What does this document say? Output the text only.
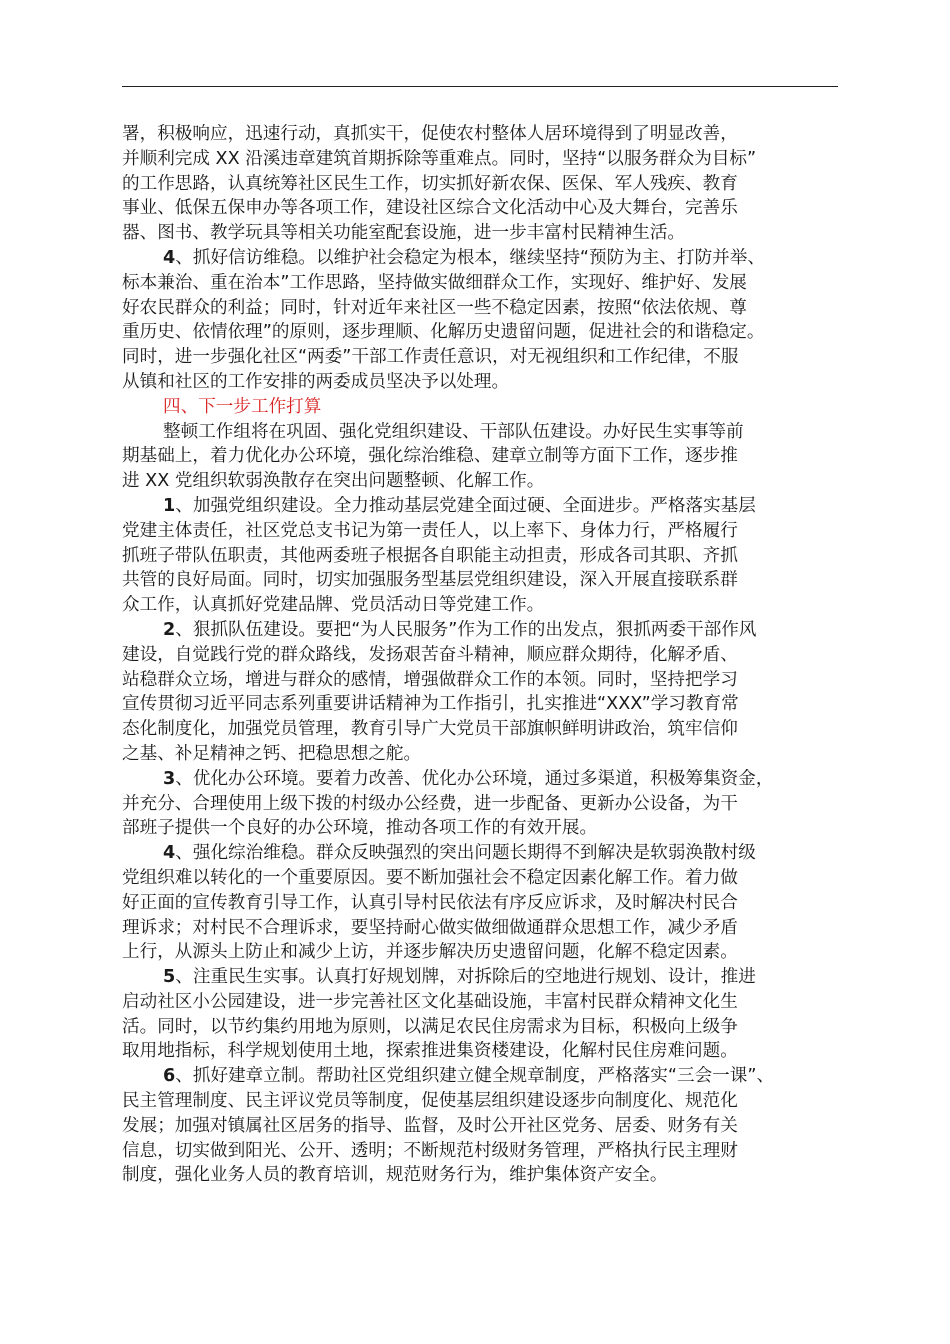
署，积极响应，迅速行动，真抓实干，促使农村整体人居环境得到了明显改善，
并顺利完成 XX 沿溪违章建筑首期拆除等重难点。同时，坚持“以服务群众为目标”
的工作思路，认真统筹社区民生工作，切实抓好新农保、医保、军人残疾、教育
事业、低保五保申办等各项工作，建设社区综合文化活动中心及大舞台，完善乐
器、图书、教学玩具等相关功能室配套设施，进一步丰富村民精神生活。
4、抓好信访维稳。以维护社会稳定为根本，继续坚持“预防为主、打防并举、
标本兼治、重在治本”工作思路，坚持做实做细群众工作，实现好、维护好、发展
好农民群众的利益；同时，针对近年来社区一些不稳定因素，按照“依法依规、尊
重历史、依情依理”的原则，逐步理顺、化解历史遗留问题，促进社会的和谐稳定。
同时，进一步强化社区“两委”干部工作责任意识，对无视组织和工作纪律，不服
从镇和社区的工作安排的两委成员坚决予以处理。
四、下一步工作打算
整顿工作组将在巩固、强化党组织建设、干部队伍建设。办好民生实事等前
期基础上，着力优化办公环境，强化综治维稳、建章立制等方面下工作，逐步推
进 XX 党组织软弱涣散存在突出问题整顿、化解工作。
1、加强党组织建设。全力推动基层党建全面过硬、全面进步。严格落实基层
党建主体责任，社区党总支书记为第一责任人，以上率下、身体力行，严格履行
抓班子带队伍职责，其他两委班子根据各自职能主动担责，形成各司其职、齐抓
共管的良好局面。同时，切实加强服务型基层党组织建设，深入开展直接联系群
众工作，认真抓好党建品牌、党员活动日等党建工作。
2、狠抓队伍建设。要把“为人民服务”作为工作的出发点，狠抓两委干部作风
建设，自觉践行党的群众路线，发扬艰苦奋斗精神，顺应群众期待，化解矛盾、
站稳群众立场，增进与群众的感情，增强做群众工作的本领。同时，坚持把学习
宣传贯彻习近平同志系列重要讲话精神为工作指引，扎实推进“XXX”学习教育常
态化制度化，加强党员管理，教育引导广大党员干部旗帜鲜明讲政治，筑牢信仰
之基、补足精神之钙、把稳思想之舵。
3、优化办公环境。要着力改善、优化办公环境，通过多渠道，积极筹集资金，
并充分、合理使用上级下拨的村级办公经费，进一步配备、更新办公设备，为干
部班子提供一个良好的办公环境，推动各项工作的有效开展。
4、强化综治维稳。群众反映强烈的突出问题长期得不到解决是软弱涣散村级
党组织难以转化的一个重要原因。要不断加强社会不稳定因素化解工作。着力做
好正面的宣传教育引导工作，认真引导村民依法有序反应诉求，及时解决村民合
理诉求；对村民不合理诉求，要坚持耐心做实做细做通群众思想工作，减少矛盾
上行，从源头上防止和减少上访，并逐步解决历史遗留问题，化解不稳定因素。
5、注重民生实事。认真打好规划牌，对拆除后的空地进行规划、设计，推进
启动社区小公园建设，进一步完善社区文化基础设施，丰富村民群众精神文化生
活。同时，以节约集约用地为原则，以满足农民住房需求为目标，积极向上级争
取用地指标，科学规划使用土地，探索推进集资楼建设，化解村民住房难问题。
6、抓好建章立制。帮助社区党组织建立健全规章制度，严格落实“三会一课”、
民主管理制度、民主评议党员等制度，促使基层组织建设逐步向制度化、规范化
发展；加强对镇属社区居务的指导、监督，及时公开社区党务、居委、财务有关
信息，切实做到阳光、公开、透明；不断规范村级财务管理，严格执行民主理财
制度，强化业务人员的教育培训，规范财务行为，维护集体资产安全。
